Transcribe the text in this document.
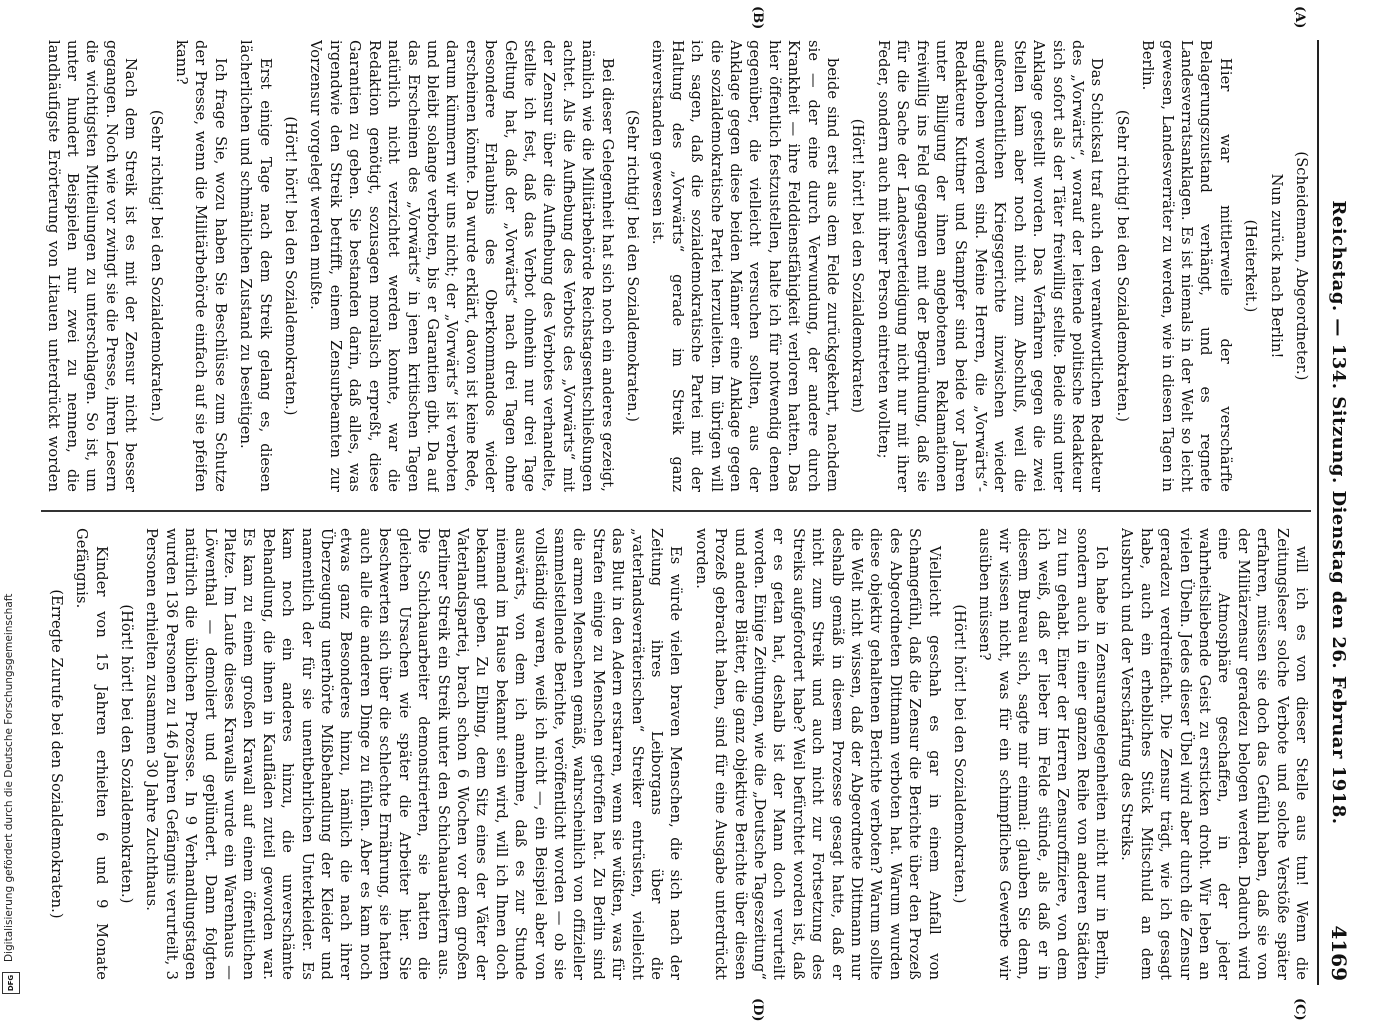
Digitalisierung gefördert durch die Deutsche Forschungsgemeinschaft
DFG
Reichstag. — 134. Sitzung. Dienstag den 26. Februar 1918.
4169
(A)
(B)
(C)
(D)

(Scheidemann, Abgeordneter.)

Nun zurück nach Berlin!

(Heiterkeit.)

Hier war mittlerweile der verschärfte Belagerungszustand verhängt, und es regnete Landesverratsanklagen. Es ist niemals in der Welt so leicht gewesen, Landesverräter zu werden, wie in diesen Tagen in Berlin.

(Sehr richtig! bei den Sozialdemokraten.)

Das Schicksal traf auch den verantwortlichen Redakteur des „Vorwärts“, worauf der leitende politische Redakteur sich sofort als der Täter freiwillig stellte. Beide sind unter Anklage gestellt worden. Das Verfahren gegen die zwei Stellen kam aber noch nicht zum Abschluß, weil die außerordentlichen Kriegsgerichte inzwischen wieder aufgehoben worden sind. Meine Herren, die „Vorwärts“-Redakteure Kuttner und Stampfer sind beide vor Jahren unter Billigung der ihnen angebotenen Reklamationen freiwillig ins Feld gegangen mit der Begründung, daß sie für die Sache der Landesverteidigung nicht nur mit ihrer Feder, sondern auch mit ihrer Person eintreten wollten;

(Hört! hört! bei den Sozialdemokraten)

beide sind erst aus dem Felde zurückgekehrt, nachdem sie — der eine durch Verwundung, der andere durch Krankheit — ihre Felddienstfähigkeit verloren hatten. Das hier öffentlich festzustellen, halte ich für notwendig denen gegenüber, die vielleicht versuchen sollten, aus der Anklage gegen diese beiden Männer eine Anklage gegen die sozialdemokratische Partei herzuleiten. Im übrigen will ich sagen, daß die sozialdemokratische Partei mit der Haltung des „Vorwärts“ gerade im Streik ganz einverstanden gewesen ist.

(Sehr richtig! bei den Sozialdemokraten.)

Bei dieser Gelegenheit hat sich noch ein anderes gezeigt, nämlich wie die Militärbehörde Reichstagsentschließungen achtet. Als die Aufhebung des Verbots des „Vorwärts“ mit der Zensur über die Aufhebung des Verbotes verhandelte, stellte ich fest, daß das Verbot ohnehin nur drei Tage Geltung hat, daß der „Vorwärts“ nach drei Tagen ohne besondere Erlaubnis des Oberkommandos wieder erscheinen könnte. Da wurde erklärt, davon ist keine Rede, darum kümmern wir uns nicht; der „Vorwärts“ ist verboten und bleibt solange verboten, bis er Garantien gibt. Da auf das Erscheinen des „Vorwärts“ in jenen kritischen Tagen natürlich nicht verzichtet werden konnte, war die Redaktion genötigt, sozusagen moralisch erpreßt, diese Garantien zu geben. Sie bestanden darin, daß alles, was irgendwie den Streik betrifft, einem Zensurbeamten zur Vorzensur vorgelegt werden mußte.

(Hört! hört! bei den Sozialdemokraten.)

Erst einige Tage nach dem Streik gelang es, diesen lächerlichen und schmählichen Zustand zu beseitigen.

Ich frage Sie, wozu haben Sie Beschlüsse zum Schutze der Presse, wenn die Militärbehörde einfach auf sie pfeifen kann?

(Sehr richtig! bei den Sozialdemokraten.)

Nach dem Streik ist es mit der Zensur nicht besser gegangen. Noch wie vor zwingt sie die Presse, ihren Lesern die wichtigsten Mitteilungen zu unterschlagen. So ist, um unter hundert Beispielen nur zwei zu nennen, die landhäufigste Erörterung von Litauen unterdrückt worden

will ich es von dieser Stelle aus tun! Wenn die Zeitungsleser solche Verbote und solche Verstöße später erfahren, müssen sie doch das Gefühl haben, daß sie von der Militärzensur geradezu belogen werden. Dadurch wird eine Atmosphäre geschaffen, in der jeder wahrheitsliebende Geist zu ersticken droht. Wir leben an vielen Übeln. Jedes dieser Übel wird aber durch die Zensur geradezu verdreifacht. Die Zensur trägt, wie ich gesagt habe, auch ein erhebliches Stück Mitschuld an dem Ausbruch und der Verschärfung des Streiks.

Ich habe in Zensurangelegenheiten nicht nur in Berlin, sondern auch in einer ganzen Reihe von anderen Städten zu tun gehabt. Einer der Herren Zensuroffiziere, von dem ich weiß, daß er lieber im Felde stünde, als daß er in diesem Bureau sich, sagte mir einmal: glauben Sie denn, wir wissen nicht, was für ein schimpfliches Gewerbe wir ausüben müssen?

(Hört! hört! bei den Sozialdemokraten.)

Vielleicht geschah es gar in einem Anfall von Schamgefühl, daß die Zensur die Berichte über den Prozeß des Abgeordneten Dittmann verboten hat. Warum wurden diese objektiv gehaltenen Berichte verboten? Warum sollte die Welt nicht wissen, daß der Abgeordnete Dittmann nur deshalb gemäß in diesem Prozesse gesagt hatte, daß er nicht zum Streik und auch nicht zur Fortsetzung des Streiks aufgefordert habe? Weil befürchtet worden ist, daß er es getan hat, deshalb ist der Mann doch verurteilt worden. Einige Zeitungen, wie die „Deutsche Tageszeitung“ und andere Blätter, die ganz objektive Berichte über diesen Prozeß gebracht haben, sind für eine Ausgabe unterdrückt worden.

Es würde vielen braven Menschen, die sich nach der Zeitung ihres Leiborgans über die „vaterlandsverräterischen“ Streiker entrüsten, vielleicht das Blut in den Adern erstarren, wenn sie wüßten, was für Strafen einige zu Menschen getroffen hat. Zu Berlin sind die armen Menschen gemäß, wahrscheinlich von offizieller sammelstellende Berichte, veröffentlicht worden — ob sie vollständig waren, weiß ich nicht —, ein Beispiel aber von auswärts, von dem ich annehme, daß es zur Stunde niemand im Hause bekannt sein wird, will ich Ihnen doch bekannt geben. Zu Elbing, dem Sitz eines der Väter der Vaterlandspartei, brach schon 6 Wochen vor dem großen Berliner Streik ein Streik unter den Schichauarbeitern aus. Die Schichauarbeiter demonstrierten, sie hatten die gleichen Ursachen wie später die Arbeiter hier. Sie beschwerten sich über die schlechte Ernährung, sie hatten auch alle die anderen Dinge zu fühlen. Aber es kam noch etwas ganz Besonderes hinzu, nämlich die nach ihrer Überzeugung unerhörte Mißbehandlung der Kleider und namentlich der für sie unentbehrlichen Unterkleider. Es kam noch ein anderes hinzu, die unverschämte Behandlung, die ihnen in Kaufläden zuteil geworden war. Es kam zu einem großen Krawall auf einem öffentlichen Platze. Im Laufe dieses Krawalls wurde ein Warenhaus — Löwenthal — demoliert und geplündert. Dann folgten natürlich die üblichen Prozesse. In 9 Verhandlungstagen wurden 136 Personen zu 146 Jahren Gefängnis verurteilt, 3 Personen erhielten zusammen 30 Jahre Zuchthaus.

(Hört! hört! bei den Sozialdemokraten.)

Kinder von 15 Jahren erhielten 6 und 9 Monate Gefängnis.

(Erregte Zurufe bei den Sozialdemokraten.)
